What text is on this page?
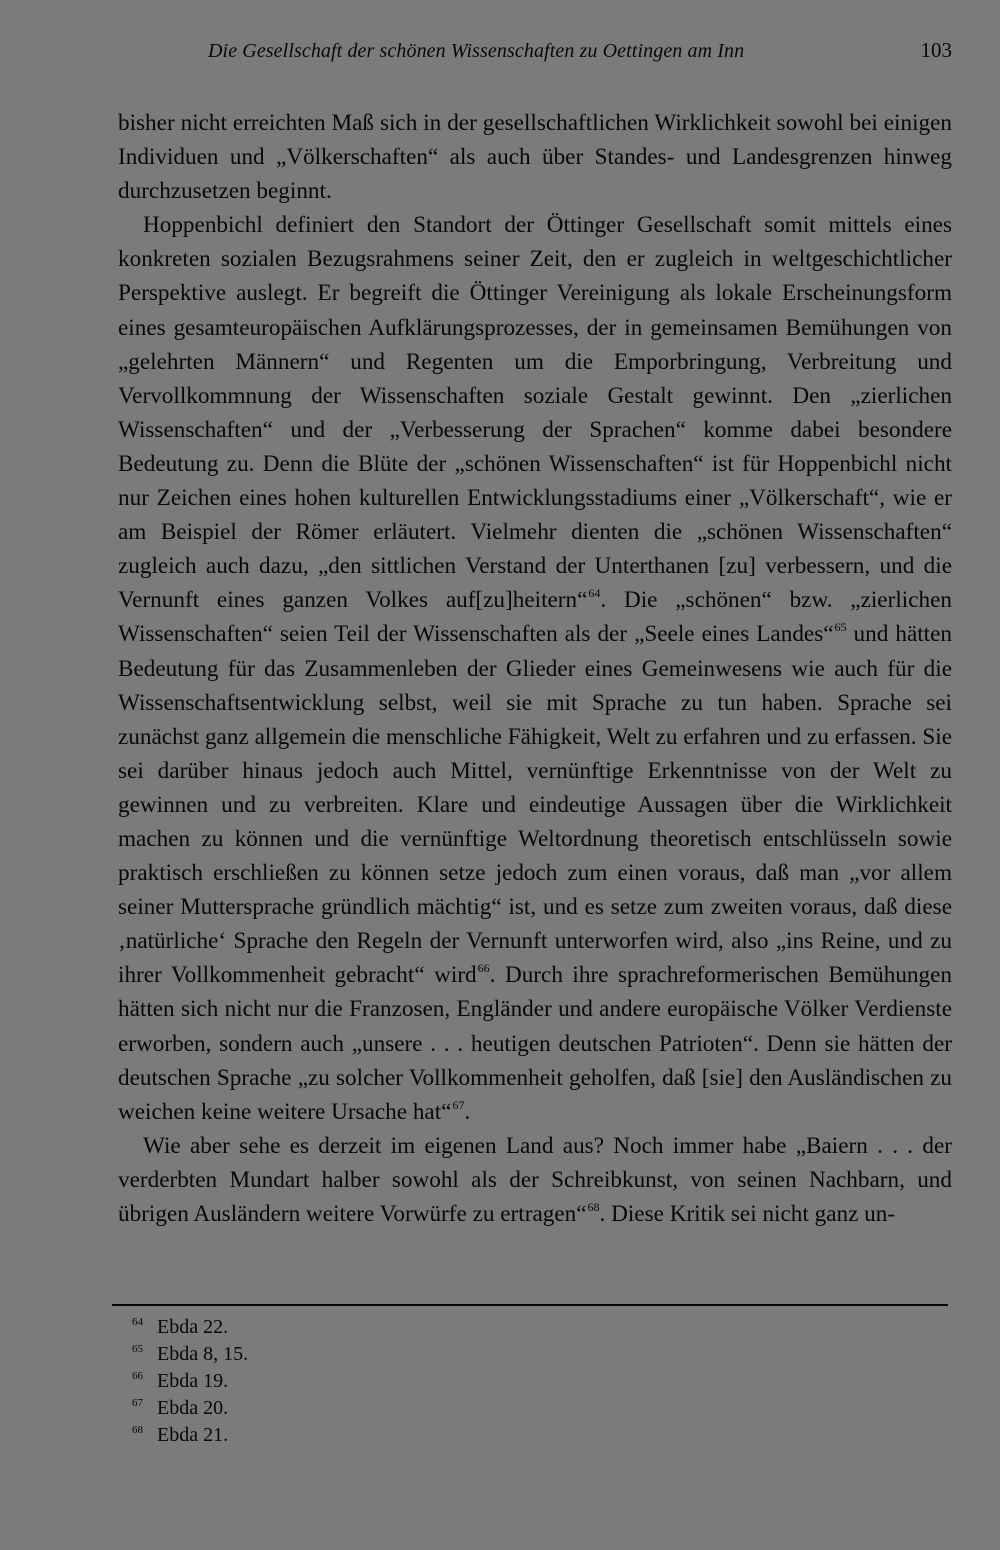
Die Gesellschaft der schönen Wissenschaften zu Oettingen am Inn	103

bisher nicht erreichten Maß sich in der gesellschaftlichen Wirklichkeit sowohl bei einigen Individuen und „Völkerschaften“ als auch über Standes- und Landesgrenzen hinweg durchzusetzen beginnt.

Hoppenbichl definiert den Standort der Öttinger Gesellschaft somit mittels eines konkreten sozialen Bezugsrahmens seiner Zeit, den er zugleich in weltgeschichtlicher Perspektive auslegt. Er begreift die Öttinger Vereinigung als lokale Erscheinungsform eines gesamteuropäischen Aufklärungsprozesses, der in gemeinsamen Bemühungen von „gelehrten Männern“ und Regenten um die Emporbringung, Verbreitung und Vervollkommnung der Wissenschaften soziale Gestalt gewinnt. Den „zierlichen Wissenschaften“ und der „Verbesserung der Sprachen“ komme dabei besondere Bedeutung zu. Denn die Blüte der „schönen Wissenschaften“ ist für Hoppenbichl nicht nur Zeichen eines hohen kulturellen Entwicklungsstadiums einer „Völkerschaft“, wie er am Beispiel der Römer erläutert. Vielmehr dienten die „schönen Wissenschaften“ zugleich auch dazu, „den sittlichen Verstand der Unterthanen [zu] verbessern, und die Vernunft eines ganzen Volkes auf[zu]heitern“$^{64}$. Die „schönen“ bzw. „zierlichen Wissenschaften“ seien Teil der Wissenschaften als der „Seele eines Landes“$^{65}$ und hätten Bedeutung für das Zusammenleben der Glieder eines Gemeinwesens wie auch für die Wissenschaftsentwicklung selbst, weil sie mit Sprache zu tun haben. Sprache sei zunächst ganz allgemein die menschliche Fähigkeit, Welt zu erfahren und zu erfassen. Sie sei darüber hinaus jedoch auch Mittel, vernünftige Erkenntnisse von der Welt zu gewinnen und zu verbreiten. Klare und eindeutige Aussagen über die Wirklichkeit machen zu können und die vernünftige Weltordnung theoretisch entschlüsseln sowie praktisch erschließen zu können setze jedoch zum einen voraus, daß man „vor allem seiner Muttersprache gründlich mächtig“ ist, und es setze zum zweiten voraus, daß diese ‚natürliche‘ Sprache den Regeln der Vernunft unterworfen wird, also „ins Reine, und zu ihrer Vollkommenheit gebracht“ wird$^{66}$. Durch ihre sprachreformerischen Bemühungen hätten sich nicht nur die Franzosen, Engländer und andere europäische Völker Verdienste erworben, sondern auch „unsere . . . heutigen deutschen Patrioten“. Denn sie hätten der deutschen Sprache „zu solcher Vollkommenheit geholfen, daß [sie] den Ausländischen zu weichen keine weitere Ursache hat“$^{67}$.

Wie aber sehe es derzeit im eigenen Land aus? Noch immer habe „Baiern . . . der verderbten Mundart halber sowohl als der Schreibkunst, von seinen Nachbarn, und übrigen Ausländern weitere Vorwürfe zu ertragen“$^{68}$. Diese Kritik sei nicht ganz un-

64 Ebda 22.
65 Ebda 8, 15.
66 Ebda 19.
67 Ebda 20.
68 Ebda 21.
